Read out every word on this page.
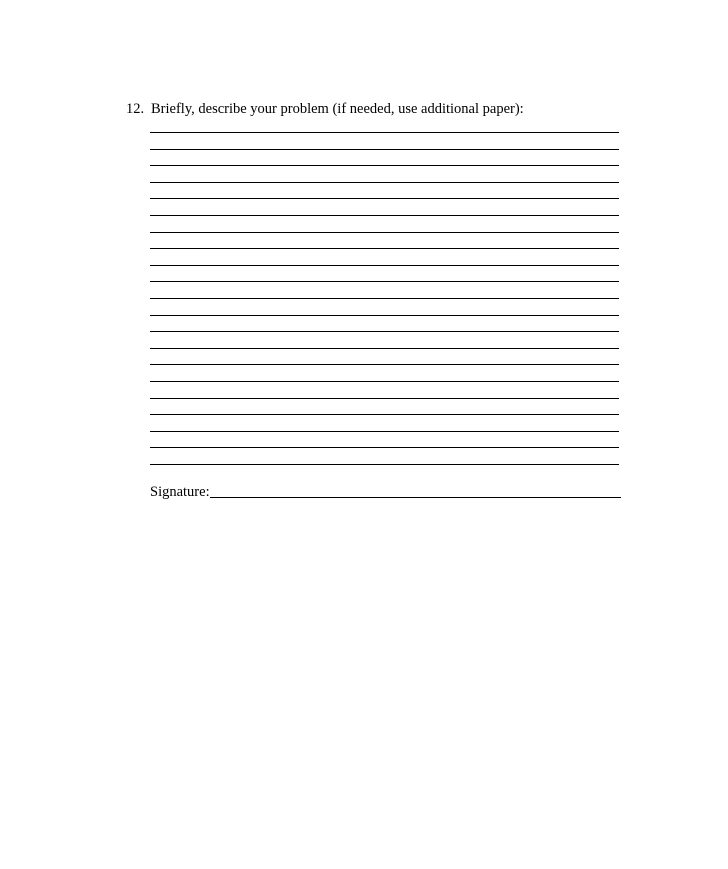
12. Briefly, describe your problem (if needed, use additional paper):
Signature:
